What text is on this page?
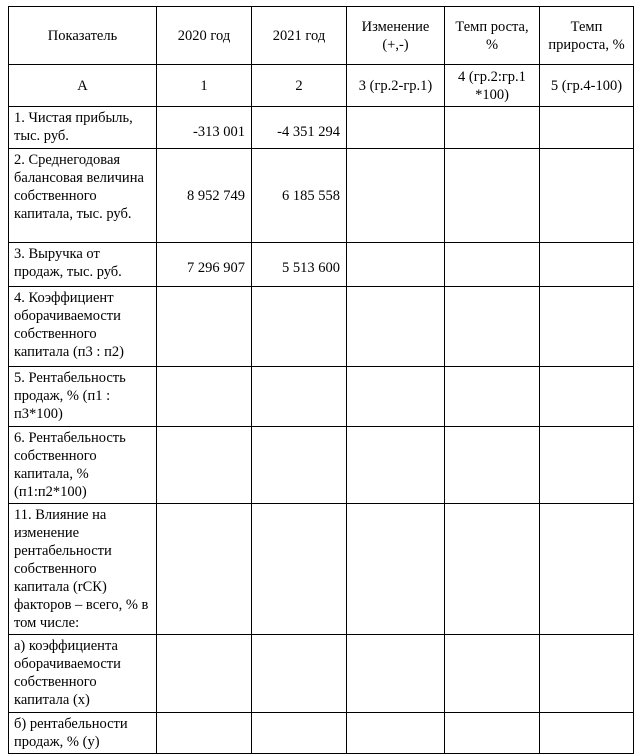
Показатель	2020 год	2021 год	Изменение (+,-)	Темп роста, %	Темп прироста, %
А	1	2	3 (гр.2-гр.1)	4 (гр.2:гр.1 *100)	5 (гр.4-100)
1. Чистая прибыль, тыс. руб.	-313 001	-4 351 294			
2. Среднегодовая балансовая величина собственного капитала, тыс. руб.	8 952 749	6 185 558			
3. Выручка от продаж, тыс. руб.	7 296 907	5 513 600			
4. Коэффициент оборачиваемости собственного капитала (п3 : п2)					
5. Рентабельность продаж, % (п1 : п3*100)					
6. Рентабельность собственного капитала, % (п1:п2*100)					
11. Влияние на изменение рентабельности собственного капитала (rСК) факторов – всего, % в том числе:					
а) коэффициента оборачиваемости собственного капитала (x)					
б) рентабельности продаж, % (y)					
